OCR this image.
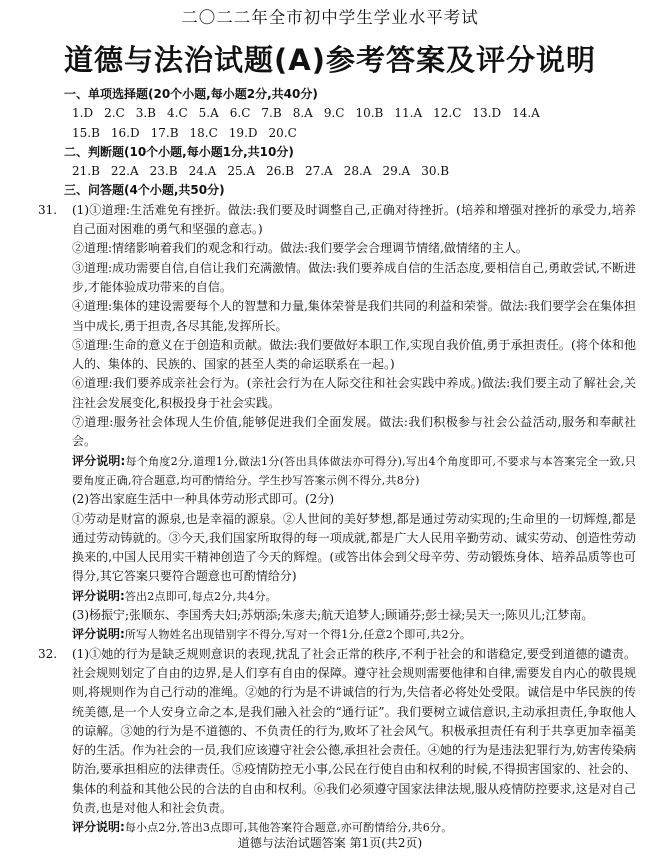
二〇二二年全市初中学生学业水平考试
道德与法治试题(A)参考答案及评分说明
一、单项选择题(20个小题,每小题2分,共40分)
1.D 2.C 3.B 4.C 5.A 6.C 7.B 8.A 9.C 10.B 11.A 12.C 13.D 14.A
15.B 16.D 17.B 18.C 19.D 20.C
二、判断题(10个小题,每小题1分,共10分)
21.B 22.A 23.B 24.A 25.A 26.B 27.A 28.A 29.A 30.B
三、问答题(4个小题,共50分)
31. (1)①道理:生活难免有挫折。做法:我们要及时调整自己,正确对待挫折。(培养和增强对挫折的承受力,培养自己面对困难的勇气和坚强的意志。)
②道理:情绪影响着我们的观念和行动。做法:我们要学会合理调节情绪,做情绪的主人。
③道理:成功需要自信,自信让我们充满激情。做法:我们要养成自信的生活态度,要相信自己,勇敢尝试,不断进步,才能体验成功带来的自信。
④道理:集体的建设需要每个人的智慧和力量,集体荣誉是我们共同的利益和荣誉。做法:我们要学会在集体担当中成长,勇于担责,各尽其能,发挥所长。
⑤道理:生命的意义在于创造和贡献。做法:我们要做好本职工作,实现自我价值,勇于承担责任。(将个体和他人的、集体的、民族的、国家的甚至人类的命运联系在一起。)
⑥道理:我们要养成亲社会行为。(亲社会行为在人际交往和社会实践中养成。)做法:我们要主动了解社会,关注社会发展变化,积极投身于社会实践。
⑦道理:服务社会体现人生价值,能够促进我们全面发展。做法:我们积极参与社会公益活动,服务和奉献社会。
评分说明:每个角度2分,道理1分,做法1分(答出具体做法亦可得分),写出4个角度即可,不要求与本答案完全一致,只要角度正确,符合题意,均可酌情给分。学生抄写答案示例不得分,共8分)
(2)答出家庭生活中一种具体劳动形式即可。(2分)
①劳动是财富的源泉,也是幸福的源泉。②人世间的美好梦想,都是通过劳动实现的;生命里的一切辉煌,都是通过劳动铸就的。③今天,我们国家所取得的每一项成就,都是广大人民用辛勤劳动、诚实劳动、创造性劳动换来的,中国人民用实干精神创造了今天的辉煌。(或答出体会到父母辛劳、劳动锻炼身体、培养品质等也可得分,其它答案只要符合题意也可酌情给分)
评分说明:答出2点即可,每点2分,共4分。
(3)杨振宁;张顺东、李国秀夫妇;苏炳添;朱彦夫;航天追梦人;顾诵芬;彭士禄;吴天一;陈贝儿;江梦南。
评分说明:所写人物姓名出现错别字不得分,写对一个得1分,任意2个即可,共2分。
32. (1)①她的行为是缺乏规则意识的表现,扰乱了社会正常的秩序,不利于社会的和谐稳定,要受到道德的谴责。社会规则划定了自由的边界,是人们享有自由的保障。遵守社会规则需要他律和自律,需要发自内心的敬畏规则,将规则作为自己行动的准绳。②她的行为是不讲诚信的行为,失信者必将处处受限。诚信是中华民族的传统美德,是一个人安身立命之本,是我们融入社会的“通行证”。我们要树立诚信意识,主动承担责任,争取他人的谅解。③她的行为是不道德的、不负责任的行为,败坏了社会风气。积极承担责任有利于共享更加幸福美好的生活。作为社会的一员,我们应该遵守社会公德,承担社会责任。④她的行为是违法犯罪行为,妨害传染病防治,要承担相应的法律责任。⑤疫情防控无小事,公民在行使自由和权利的时候,不得损害国家的、社会的、集体的利益和其他公民的合法的自由和权利。⑥我们必须遵守国家法律法规,服从疫情防控要求,这是对自己负责,也是对他人和社会负责。
评分说明:每小点2分,答出3点即可,其他答案符合题意,亦可酌情给分,共6分。
道德与法治试题答案 第1页(共2页)
